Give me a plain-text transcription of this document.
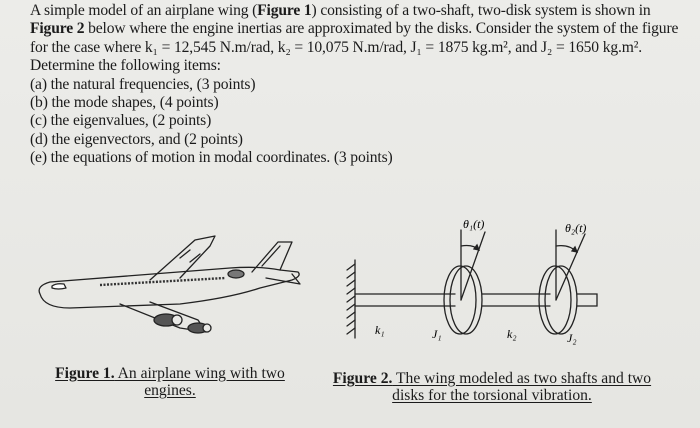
A simple model of an airplane wing (Figure 1) consisting of a two-shaft, two-disk system is shown in Figure 2 below where the engine inertias are approximated by the disks. Consider the system of the figure for the case where k₁ = 12,545 N.m/rad, k₂ = 10,075 N.m/rad, J₁ = 1875 kg.m², and J₂ = 1650 kg.m². Determine the following items:

(a) the natural frequencies, (3 points)
(b) the mode shapes, (4 points)
(c) the eigenvalues, (2 points)
(d) the eigenvectors, and (2 points)
(e) the equations of motion in modal coordinates. (3 points)
θ₁(t)	θ₂(t)
k₁	J₁	k₂	J₂
Figure 1. An airplane wing with two engines.
Figure 2. The wing modeled as two shafts and two disks for the torsional vibration.
